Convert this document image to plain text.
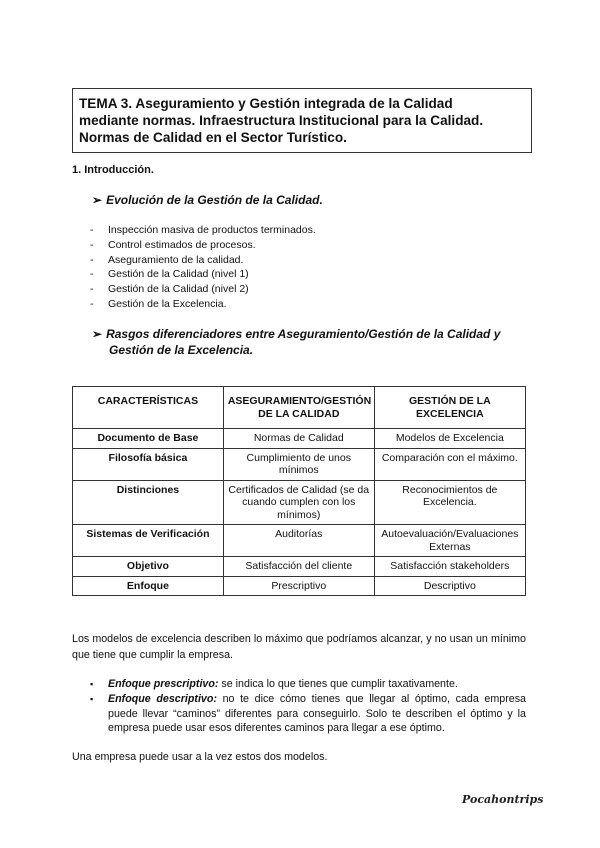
TEMA 3. Aseguramiento y Gestión integrada de la Calidad
mediante normas. Infraestructura Institucional para la Calidad.
Normas de Calidad en el Sector Turístico.
1. Introducción.
➢ Evolución de la Gestión de la Calidad.
- Inspección masiva de productos terminados.
- Control estimados de procesos.
- Aseguramiento de la calidad.
- Gestión de la Calidad (nivel 1)
- Gestión de la Calidad (nivel 2)
- Gestión de la Excelencia.
➢ Rasgos diferenciadores entre Aseguramiento/Gestión de la Calidad y
Gestión de la Excelencia.
CARACTERÍSTICAS	ASEGURAMIENTO/GESTIÓN DE LA CALIDAD	GESTIÓN DE LA EXCELENCIA
Documento de Base	Normas de Calidad	Modelos de Excelencia
Filosofía básica	Cumplimiento de unos mínimos	Comparación con el máximo.
Distinciones	Certificados de Calidad (se da cuando cumplen con los mínimos)	Reconocimientos de Excelencia.
Sistemas de Verificación	Auditorías	Autoevaluación/Evaluaciones Externas
Objetivo	Satisfacción del cliente	Satisfacción stakeholders
Enfoque	Prescriptivo	Descriptivo
Los modelos de excelencia describen lo máximo que podríamos alcanzar, y no usan un mínimo que tiene que cumplir la empresa.
▪ Enfoque prescriptivo: se indica lo que tienes que cumplir taxativamente.
▪ Enfoque descriptivo: no te dice cómo tienes que llegar al óptimo, cada empresa puede llevar “caminos” diferentes para conseguirlo. Solo te describen el óptimo y la empresa puede usar esos diferentes caminos para llegar a ese óptimo.
Una empresa puede usar a la vez estos dos modelos.
Pocahontrips
